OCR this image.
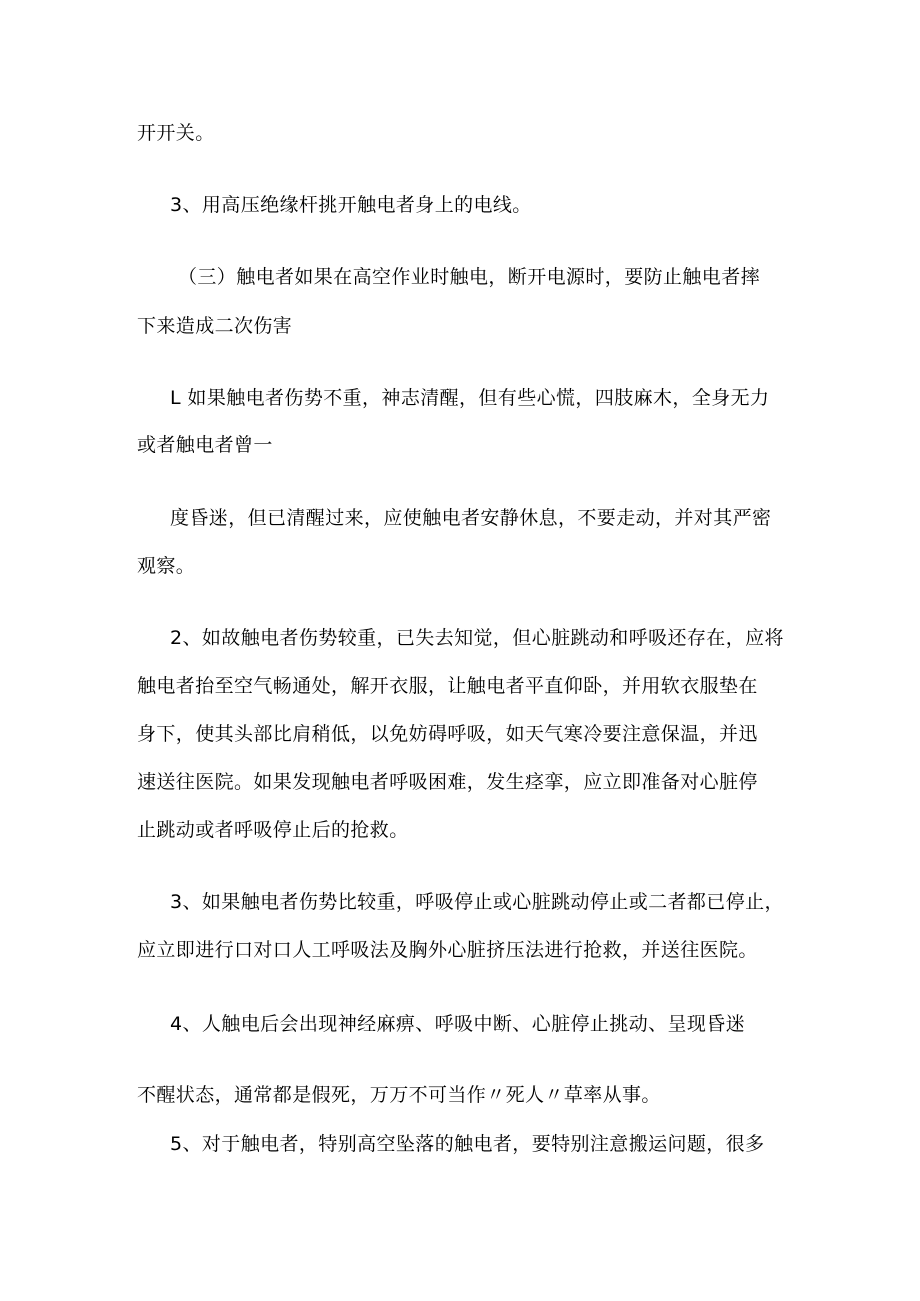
开开关。
3、用高压绝缘杆挑开触电者身上的电线。
（三）触电者如果在高空作业时触电，断开电源时，要防止触电者摔
下来造成二次伤害
L 如果触电者伤势不重，神志清醒，但有些心慌，四肢麻木，全身无力
或者触电者曾一
度昏迷，但已清醒过来，应使触电者安静休息，不要走动，并对其严密
观察。
2、如故触电者伤势较重，已失去知觉，但心脏跳动和呼吸还存在，应将
触电者抬至空气畅通处，解开衣服，让触电者平直仰卧，并用软衣服垫在
身下，使其头部比肩稍低，以免妨碍呼吸，如天气寒冷要注意保温，并迅
速送往医院。如果发现触电者呼吸困难，发生痉挛，应立即准备对心脏停
止跳动或者呼吸停止后的抢救。
3、如果触电者伤势比较重，呼吸停止或心脏跳动停止或二者都已停止，
应立即进行口对口人工呼吸法及胸外心脏挤压法进行抢救，并送往医院。
4、人触电后会出现神经麻痹、呼吸中断、心脏停止挑动、呈现昏迷
不醒状态，通常都是假死，万万不可当作〃死人〃草率从事。
5、对于触电者，特别高空坠落的触电者，要特别注意搬运问题，很多
